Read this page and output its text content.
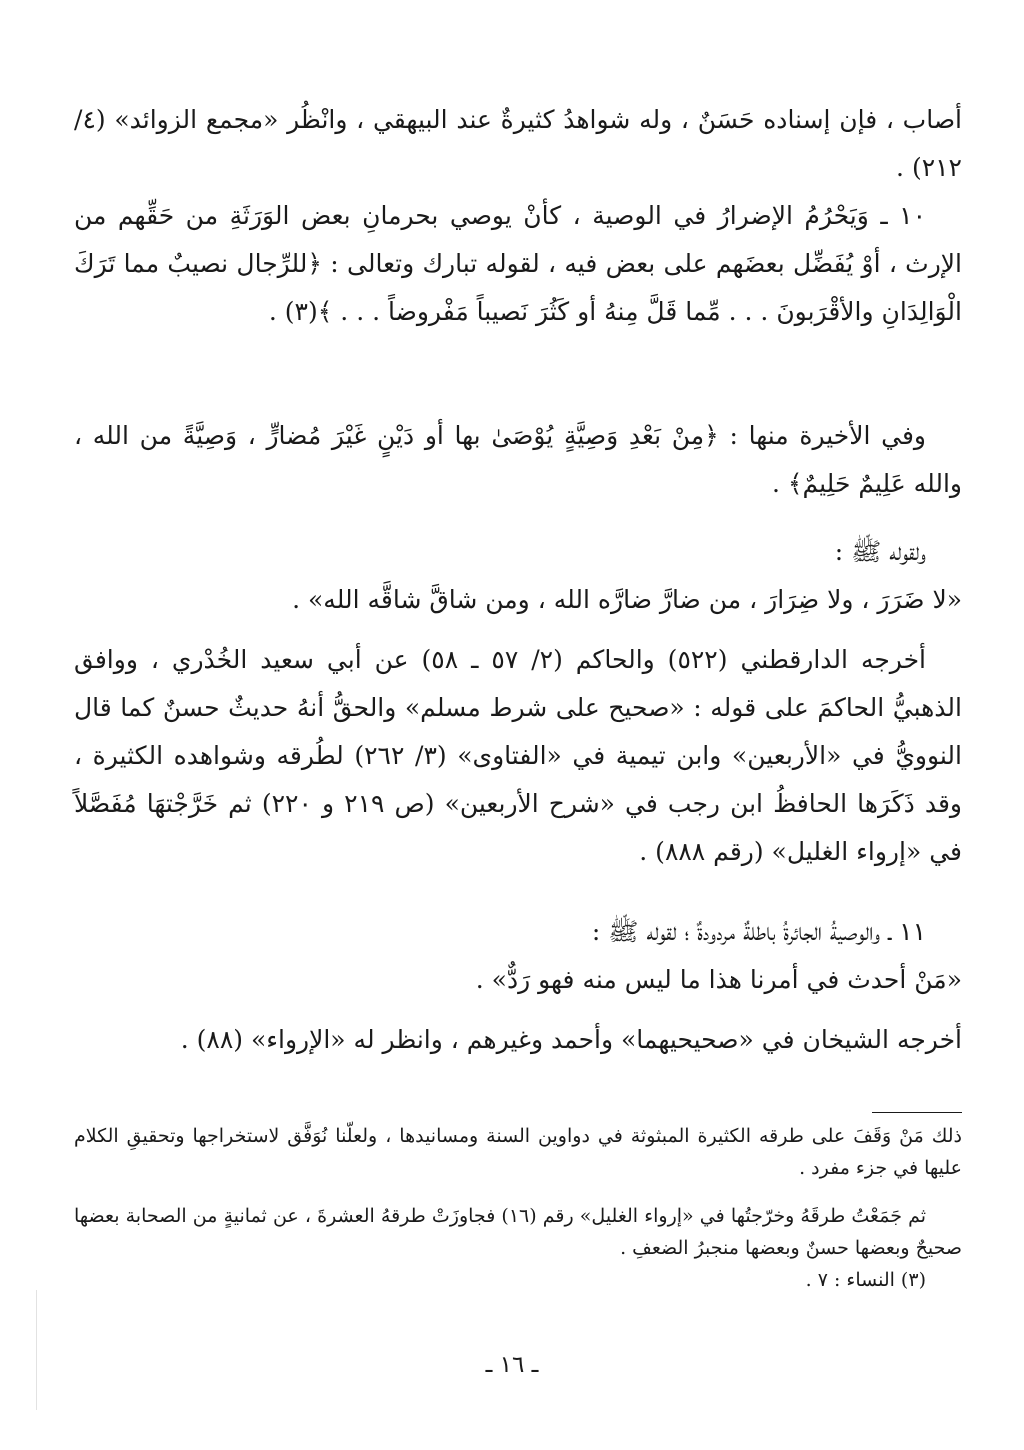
أصاب ، فإن إسناده حَسَنٌ ، وله شواهدُ كثيرةٌ عند البيهقي ، وانْظُر «مجمع الزوائد» (٤/ ٢١٢) .
١٠ ـ وَيَحْرُمُ الإضرارُ في الوصية ، كأنْ يوصي بحرمانِ بعض الوَرَثَةِ من حَقِّهم من الإرث ، أوْ يُفَضِّل بعضَهم على بعض فيه ، لقوله تبارك وتعالى : ﴿للرِّجال نصيبٌ مما تَرَكَ الْوَالِدَانِ والأقْرَبونَ . . . مِّما قَلَّ مِنهُ أو كَثُرَ نَصيباً مَفْروضاً . . . ﴾(٣) .
وفي الأخيرة منها : ﴿مِنْ بَعْدِ وَصِيَّةٍ يُوْصَىٰ بها أو دَيْنٍ غَيْرَ مُضارٍّ ، وَصِيَّةً من الله ، والله عَلِيمٌ حَلِيمٌ﴾ .
ولقوله ﷺ :
«لا ضَرَرَ ، ولا ضِرَارَ ، من ضارَّ ضارَّه الله ، ومن شاقَّ شاقَّه الله» .
أخرجه الدارقطني (٥٢٢) والحاكم (٢/ ٥٧ ـ ٥٨) عن أبي سعيد الخُدْري ، ووافق الذهبيُّ الحاكمَ على قوله : «صحيح على شرط مسلم» والحقُّ أنهُ حديثٌ حسنٌ كما قال النوويُّ في «الأربعين» وابن تيمية في «الفتاوى» (٣/ ٢٦٢) لطُرقه وشواهده الكثيرة ، وقد ذَكَرَها الحافظُ ابن رجب في «شرح الأربعين» (ص ٢١٩ و ٢٢٠) ثم خَرَّجْتهَا مُفَصَّلاً في «إرواء الغليل» (رقم ٨٨٨) .
١١ ـ والوصيةُ الجائرةُ باطلةٌ مردودةٌ ؛ لقوله ﷺ :
«مَنْ أحدث في أمرنا هذا ما ليس منه فهو رَدٌّ» .
أخرجه الشيخان في «صحيحيهما» وأحمد وغيرهم ، وانظر له «الإرواء» (٨٨) .
ذلك مَنْ وَقَفَ على طرقه الكثيرة المبثوثة في دواوين السنة ومسانيدها ، ولعلّنا نُوَفَّق لاستخراجها وتحقيقِ الكلام عليها في جزء مفرد .
ثم جَمَعْتُ طرقَهُ وخرّجتُها في «إرواء الغليل» رقم (١٦) فجاوزَتْ طرقهُ العشرةَ ، عن ثمانيةٍ من الصحابة بعضها صحيحٌ وبعضها حسنٌ وبعضها منجبرُ الضعفِ .
(٣) النساء : ٧ .
ـ ١٦ ـ
